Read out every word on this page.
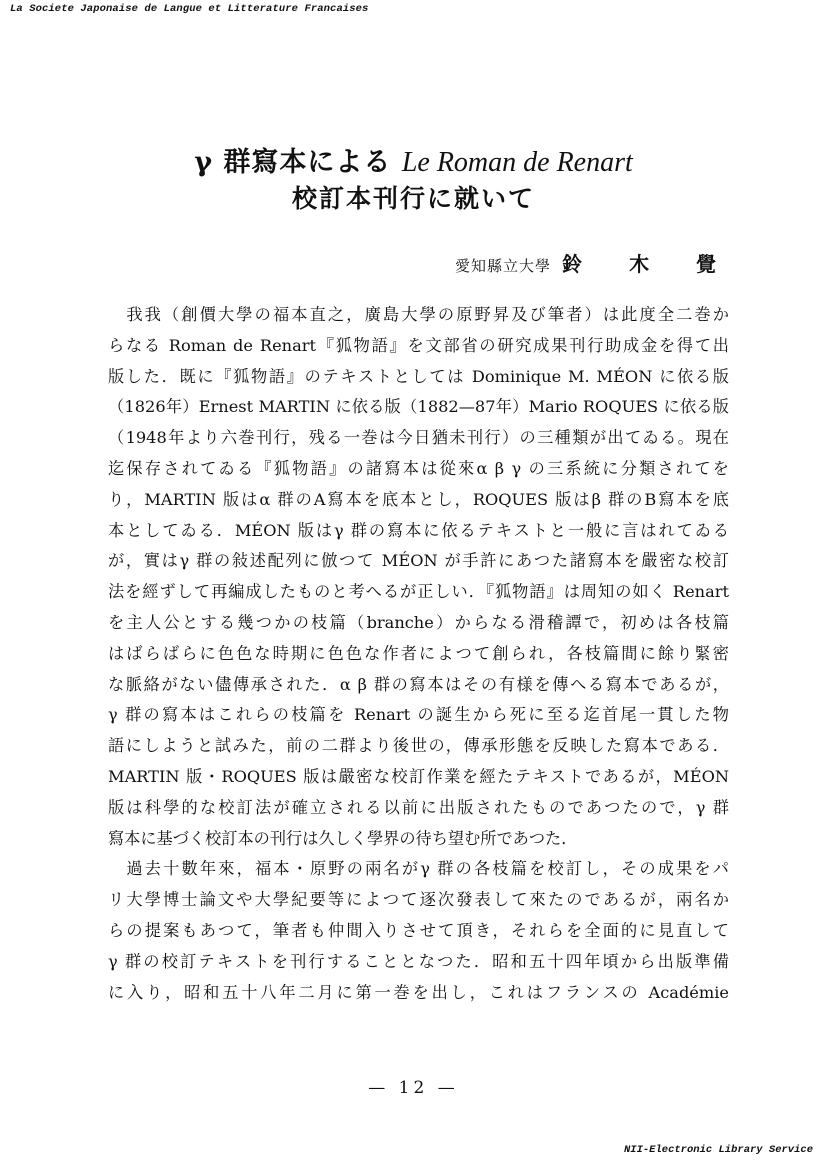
La Societe Japonaise de Langue et Litterature Francaises
γ 群寫本による Le Roman de Renart
校訂本刊行に就いて
愛知縣立大學 鈴 木 覺
　我我（創價大學の福本直之，廣島大學の原野昇及び筆者）は此度全二巻か
らなる Roman de Renart『狐物語』を文部省の研究成果刊行助成金を得て出
版した．既に『狐物語』のテキストとしては Dominique M. MÉON に依る版
（1826年）Ernest MARTIN に依る版（1882—87年）Mario ROQUES に依る版
（1948年より六巻刊行，残る一巻は今日猶未刊行）の三種類が出てゐる。現在
迄保存されてゐる『狐物語』の諸寫本は從來α β γ の三系統に分類されてを
り，MARTIN 版はα 群のA寫本を底本とし，ROQUES 版はβ 群のB寫本を底
本としてゐる．MÉON 版はγ 群の寫本に依るテキストと一般に言はれてゐる
が，實はγ 群の敍述配列に倣つて MÉON が手許にあつた諸寫本を嚴密な校訂
法を經ずして再編成したものと考へるが正しい．『狐物語』は周知の如く Renart
を主人公とする幾つかの枝篇（branche）からなる滑稽譚で，初めは各枝篇
はばらばらに色色な時期に色色な作者によつて創られ，各枝篇間に餘り緊密
な脈絡がない儘傳承された．α β 群の寫本はその有様を傳へる寫本であるが，
γ 群の寫本はこれらの枝篇を Renart の誕生から死に至る迄首尾一貫した物
語にしようと試みた，前の二群より後世の，傳承形態を反映した寫本である．
MARTIN 版・ROQUES 版は嚴密な校訂作業を經たテキストであるが，MÉON
版は科學的な校訂法が確立される以前に出版されたものであつたので，γ 群
寫本に基づく校訂本の刊行は久しく學界の待ち望む所であつた．
　過去十數年來，福本・原野の兩名がγ 群の各枝篇を校訂し，その成果をパ
リ大學博士論文や大學紀要等によつて逐次發表して來たのであるが，兩名か
らの提案もあつて，筆者も仲間入りさせて頂き，それらを全面的に見直して
γ 群の校訂テキストを刊行することとなつた．昭和五十四年頃から出版準備
に入り，昭和五十八年二月に第一巻を出し，これはフランスの Académie
— 12 —
NII-Electronic Library Service
